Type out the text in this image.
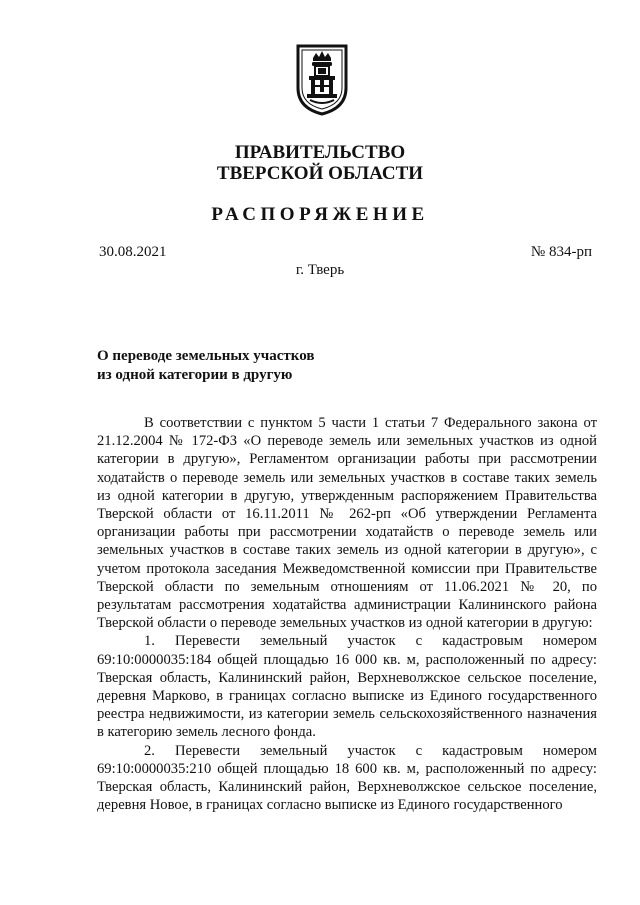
ПРАВИТЕЛЬСТВО
ТВЕРСКОЙ ОБЛАСТИ
РАСПОРЯЖЕНИЕ
30.08.2021	№ 834-рп
г. Тверь
О переводе земельных участков
из одной категории в другую

В соответствии с пунктом 5 части 1 статьи 7 Федерального закона от 21.12.2004 № 172-ФЗ «О переводе земель или земельных участков из одной категории в другую», Регламентом организации работы при рассмотрении ходатайств о переводе земель или земельных участков в составе таких земель из одной категории в другую, утвержденным распоряжением Правительства Тверской области от 16.11.2011 № 262-рп «Об утверждении Регламента организации работы при рассмотрении ходатайств о переводе земель или земельных участков в составе таких земель из одной категории в другую», с учетом протокола заседания Межведомственной комиссии при Правительстве Тверской области по земельным отношениям от 11.06.2021 № 20, по результатам рассмотрения ходатайства администрации Калининского района Тверской области о переводе земельных участков из одной категории в другую:

1. Перевести земельный участок с кадастровым номером 69:10:0000035:184 общей площадью 16 000 кв. м, расположенный по адресу: Тверская область, Калининский район, Верхневолжское сельское поселение, деревня Марково, в границах согласно выписке из Единого государственного реестра недвижимости, из категории земель сельскохозяйственного назначения в категорию земель лесного фонда.

2. Перевести земельный участок с кадастровым номером 69:10:0000035:210 общей площадью 18 600 кв. м, расположенный по адресу: Тверская область, Калининский район, Верхневолжское сельское поселение, деревня Новое, в границах согласно выписке из Единого государственного
